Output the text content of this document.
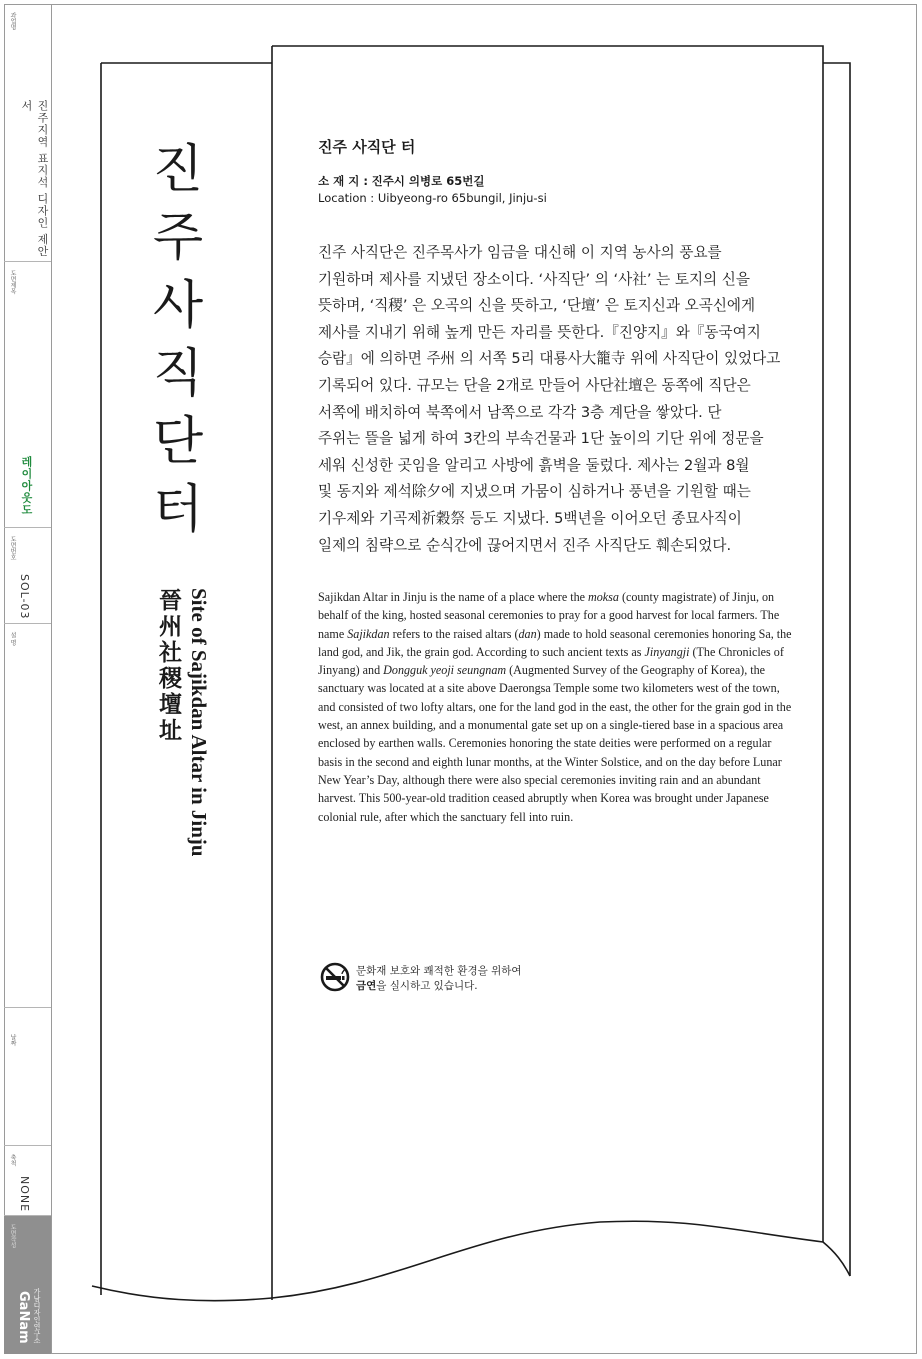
과업명
진주지역 표지석 디자인 제안서
도면제목
레이아웃도
도면번호
SOL-03
설 명
날짜
축척
NONE
도면작성
GaNam 가남디자인연구소
진
주
사
직
단
터
晉州社稷壇址 Site of Sajikdan Altar in Jinju
진주 사직단 터
소 재 지 : 진주시 의병로 65번길
Location : Uibyeong-ro 65bungil, Jinju-si
진주 사직단은 진주목사가 임금을 대신해 이 지역 농사의 풍요를
기원하며 제사를 지냈던 장소이다. ‘사직단’ 의 ‘사社’ 는 토지의 신을
뜻하며, ‘직稷’ 은 오곡의 신을 뜻하고, ‘단壇’ 은 토지신과 오곡신에게
제사를 지내기 위해 높게 만든 자리를 뜻한다.『진양지』와『동국여지
승람』에 의하면 주州 의 서쪽 5리 대룡사大籠寺 위에 사직단이 있었다고
기록되어 있다. 규모는 단을 2개로 만들어 사단社壇은 동쪽에 직단은
서쪽에 배치하여 북쪽에서 남쪽으로 각각 3층 계단을 쌓았다. 단
주위는 뜰을 넓게 하여 3칸의 부속건물과 1단 높이의 기단 위에 정문을
세워 신성한 곳임을 알리고 사방에 흙벽을 둘렀다. 제사는 2월과 8월
및 동지와 제석除夕에 지냈으며 가뭄이 심하거나 풍년을 기원할 때는
기우제와 기곡제祈穀祭 등도 지냈다. 5백년을 이어오던 종묘사직이
일제의 침략으로 순식간에 끊어지면서 진주 사직단도 훼손되었다.
Sajikdan Altar in Jinju is the name of a place where the moksa (county magistrate) of Jinju, on behalf of the king, hosted seasonal ceremonies to pray for a good harvest for local farmers. The name Sajikdan refers to the raised altars (dan) made to hold seasonal ceremonies honoring Sa, the land god, and Jik, the grain god. According to such ancient texts as Jinyangji (The Chronicles of Jinyang) and Dongguk yeoji seungnam (Augmented Survey of the Geography of Korea), the sanctuary was located at a site above Daerongsa Temple some two kilometers west of the town, and consisted of two lofty altars, one for the land god in the east, the other for the grain god in the west, an annex building, and a monumental gate set up on a single-tiered base in a spacious area enclosed by earthen walls. Ceremonies honoring the state deities were performed on a regular basis in the second and eighth lunar months, at the Winter Solstice, and on the day before Lunar New Year’s Day, although there were also special ceremonies inviting rain and an abundant harvest. This 500-year-old tradition ceased abruptly when Korea was brought under Japanese colonial rule, after which the sanctuary fell into ruin.
문화재 보호와 쾌적한 환경을 위하여
금연을 실시하고 있습니다.
